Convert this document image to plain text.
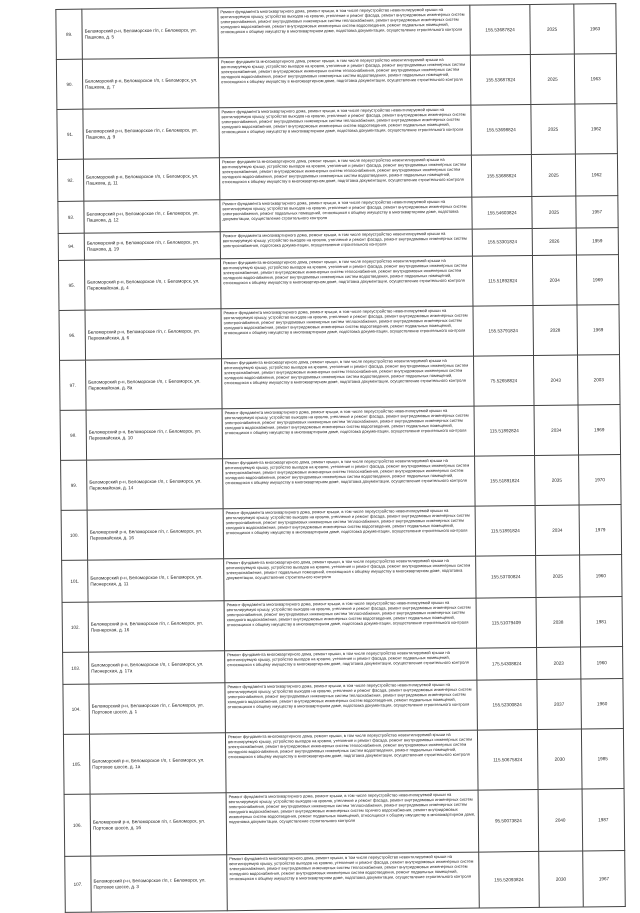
89.	Беломорский р-н, Беломорское г/п, г. Беломорск, ул. Пашкова, д. 5	Ремонт фундамента многоквартирного дома, ремонт крыши, в том числе переустройство невентилируемой крыши на вентилируемую крышу, устройство выходов на кровлю, утепление и ремонт фасада, ремонт внутридомовых инженерных систем электроснабжения, ремонт внутридомовых инженерных систем теплоснабжения, ремонт внутридомовых инженерных систем холодного водоснабжения, ремонт внутридомовых инженерных систем водоотведения, ремонт подвальных помещений, относящихся к общему имуществу в многоквартирном доме, подготовка документации, осуществление строительного контроля	155.53687824	2025	1963
90.	Беломорский р-н, Беломорское г/п, г. Беломорск, ул. Пашкова, д. 7	Ремонт фундамента многоквартирного дома, ремонт крыши, в том числе переустройство невентилируемой крыши на вентилируемую крышу, устройство выходов на кровлю, утепление и ремонт фасада, ремонт внутридомовых инженерных систем электроснабжения, ремонт внутридомовых инженерных систем теплоснабжения, ремонт внутридомовых инженерных систем холодного водоснабжения, ремонт внутридомовых инженерных систем водоотведения, ремонт подвальных помещений, относящихся к общему имуществу в многоквартирном доме, подготовка документации, осуществление строительного контроля	155.53687824	2025	1963
91.	Беломорский р-н, Беломорское г/п, г. Беломорск, ул. Пашкова, д. 9	Ремонт фундамента многоквартирного дома, ремонт крыши, в том числе переустройство невентилируемой крыши на вентилируемую крышу, устройство выходов на кровлю, утепление и ремонт фасада, ремонт внутридомовых инженерных систем электроснабжения, ремонт внутридомовых инженерных систем теплоснабжения, ремонт внутридомовых инженерных систем холодного водоснабжения, ремонт внутридомовых инженерных систем водоотведения, ремонт подвальных помещений, относящихся к общему имуществу в многоквартирном доме, подготовка документации, осуществление строительного контроля	155.53698824	2025	1962
92.	Беломорский р-н, Беломорское г/п, г. Беломорск, ул. Пашкова, д. 11	Ремонт фундамента многоквартирного дома, ремонт крыши, в том числе переустройство невентилируемой крыши на вентилируемую крышу, устройство выходов на кровлю, утепление и ремонт фасада, ремонт внутридомовых инженерных систем электроснабжения, ремонт внутридомовых инженерных систем теплоснабжения, ремонт внутридомовых инженерных систем холодного водоснабжения, ремонт внутридомовых инженерных систем водоотведения, ремонт подвальных помещений, относящихся к общему имуществу в многоквартирном доме, подготовка документации, осуществление строительного контроля	155.53688824	2025	1962
93.	Беломорский р-н, Беломорское г/п, г. Беломорск, ул. Пашкова, д. 12	Ремонт фундамента многоквартирного дома, ремонт крыши, в том числе переустройство невентилируемой крыши на вентилируемую крышу, устройство выходов на кровлю, утепление и ремонт фасада, ремонт внутридомовых инженерных систем электроснабжения, ремонт подвальных помещений, относящихся к общему имуществу в многоквартирном доме, подготовка документации, осуществление строительного контроля	155.54603824	2025	1957
94.	Беломорский р-н, Беломорское г/п, г. Беломорск, ул. Пашкова, д. 19	Ремонт фундамента многоквартирного дома, ремонт крыши, в том числе переустройство невентилируемой крыши на вентилируемую крышу, устройство выходов на кровлю, утепление и ремонт фасада, ремонт внутридомовых инженерных систем электроснабжения, подготовка документации, осуществление строительного контроля	155.53301824	2026	1959
95.	Беломорский р-н, Беломорское г/п, г. Беломорск, ул. Первомайская, д. 4	Ремонт фундамента многоквартирного дома, ремонт крыши, в том числе переустройство невентилируемой крыши на вентилируемую крышу, устройство выходов на кровлю, утепление и ремонт фасада, ремонт внутридомовых инженерных систем электроснабжения, ремонт внутридомовых инженерных систем теплоснабжения, ремонт внутридомовых инженерных систем холодного водоснабжения, ремонт внутридомовых инженерных систем водоотведения, ремонт подвальных помещений, относящихся к общему имуществу в многоквартирном доме, подготовка документации, осуществление строительного контроля	115.51892824	2034	1969
96.	Беломорский р-н, Беломорское г/п, г. Беломорск, ул. Первомайская, д. 6	Ремонт фундамента многоквартирного дома, ремонт крыши, в том числе переустройство невентилируемой крыши на вентилируемую крышу, устройство выходов на кровлю, утепление и ремонт фасада, ремонт внутридомовых инженерных систем электроснабжения, ремонт внутридомовых инженерных систем теплоснабжения, ремонт внутридомовых инженерных систем холодного водоснабжения, ремонт внутридомовых инженерных систем водоотведения, ремонт подвальных помещений, относящихся к общему имуществу в многоквартирном доме, подготовка документации, осуществление строительного контроля	155.53791824	2028	1969
97.	Беломорский р-н, Беломорское г/п, г. Беломорск, ул. Первомайская, д. 8а	Ремонт фундамента многоквартирного дома, ремонт крыши, в том числе переустройство невентилируемой крыши на вентилируемую крышу, устройство выходов на кровлю, утепление и ремонт фасада, ремонт внутридомовых инженерных систем электроснабжения, ремонт внутридомовых инженерных систем теплоснабжения, ремонт внутридомовых инженерных систем холодного водоснабжения, ремонт внутридомовых инженерных систем водоотведения, ремонт подвальных помещений, относящихся к общему имуществу в многоквартирном доме, подготовка документации, осуществление строительного контроля	75.52658824	2043	2003
98.	Беломорский р-н, Беломорское г/п, г. Беломорск, ул. Первомайская, д. 10	Ремонт фундамента многоквартирного дома, ремонт крыши, в том числе переустройство невентилируемой крыши на вентилируемую крышу, устройство выходов на кровлю, утепление и ремонт фасада, ремонт внутридомовых инженерных систем электроснабжения, ремонт внутридомовых инженерных систем теплоснабжения, ремонт внутридомовых инженерных систем холодного водоснабжения, ремонт внутридомовых инженерных систем водоотведения, ремонт подвальных помещений, относящихся к общему имуществу в многоквартирном доме, подготовка документации, осуществление строительного контроля	115.51892824	2034	1969
99.	Беломорский р-н, Беломорское г/п, г. Беломорск, ул. Первомайская, д. 14	Ремонт фундамента многоквартирного дома, ремонт крыши, в том числе переустройство невентилируемой крыши на вентилируемую крышу, устройство выходов на кровлю, утепление и ремонт фасада, ремонт внутридомовых инженерных систем электроснабжения, ремонт внутридомовых инженерных систем теплоснабжения, ремонт внутридомовых инженерных систем холодного водоснабжения, ремонт внутридомовых инженерных систем водоотведения, ремонт подвальных помещений, относящихся к общему имуществу в многоквартирном доме, подготовка документации, осуществление строительного контроля	155.51891824	2035	1970
100.	Беломорский р-н, Беломорское г/п, г. Беломорск, ул. Первомайская, д. 16	Ремонт фундамента многоквартирного дома, ремонт крыши, в том числе переустройство невентилируемой крыши на вентилируемую крышу, устройство выходов на кровлю, утепление и ремонт фасада, ремонт внутридомовых инженерных систем электроснабжения, ремонт внутридомовых инженерных систем теплоснабжения, ремонт внутридомовых инженерных систем холодного водоснабжения, ремонт внутридомовых инженерных систем водоотведения, ремонт подвальных помещений, относящихся к общему имуществу в многоквартирном доме, подготовка документации, осуществление строительного контроля	115.51891824	2034	1979
101.	Беломорский р-н, Беломорское г/п, г. Беломорск, ул. Пионерская, д. 11	Ремонт фундамента многоквартирного дома, ремонт крыши, в том числе переустройство невентилируемой крыши на вентилируемую крышу, устройство выходов на кровлю, утепление и ремонт фасада, ремонт внутридомовых инженерных систем электроснабжения, ремонт подвальных помещений, относящихся к общему имуществу в многоквартирном доме, подготовка документации, осуществление строительного контроля	155.53700824	2025	1960
102.	Беломорский р-н, Беломорское г/п, г. Беломорск, ул. Пионерская, д. 16	Ремонт фундамента многоквартирного дома, ремонт крыши, в том числе переустройство невентилируемой крыши на вентилируемую крышу, устройство выходов на кровлю, утепление и ремонт фасада, ремонт внутридомовых инженерных систем электроснабжения, ремонт внутридомовых инженерных систем теплоснабжения, ремонт внутридомовых инженерных систем холодного водоснабжения, ремонт внутридомовых инженерных систем водоотведения, ремонт подвальных помещений, относящихся к общему имуществу в многоквартирном доме, подготовка документации, осуществление строительного контроля	115.51079409	2038	1981
103.	Беломорский р-н, Беломорское г/п, г. Беломорск, ул. Пионерская, д. 17а	Ремонт фундамента многоквартирного дома, ремонт крыши, в том числе переустройство невентилируемой крыши на вентилируемую крышу, устройство выходов на кровлю, утепление и ремонт фасада, ремонт подвальных помещений, относящихся к общему имуществу в многоквартирном доме, подготовка документации, осуществление строительного контроля	175.54308824	2023	1960
104.	Беломорский р-н, Беломорское г/п, г. Беломорск, ул. Портовое шоссе, д. 1	Ремонт фундамента многоквартирного дома, ремонт крыши, в том числе переустройство невентилируемой крыши на вентилируемую крышу, устройство выходов на кровлю, утепление и ремонт фасада, ремонт внутридомовых инженерных систем электроснабжения, ремонт внутридомовых инженерных систем теплоснабжения, ремонт внутридомовых инженерных систем холодного водоснабжения, ремонт внутридомовых инженерных систем водоотведения, ремонт подвальных помещений, относящихся к общему имуществу в многоквартирном доме, подготовка документации, осуществление строительного контроля	155.52300824	2037	1960
105.	Беломорский р-н, Беломорское г/п, г. Беломорск, ул. Портовое шоссе, д. 1а	Ремонт фундамента многоквартирного дома, ремонт крыши, в том числе переустройство невентилируемой крыши на вентилируемую крышу, устройство выходов на кровлю, утепление и ремонт фасада, ремонт внутридомовых инженерных систем электроснабжения, ремонт внутридомовых инженерных систем теплоснабжения, ремонт внутридомовых инженерных систем холодного водоснабжения, ремонт внутридомовых инженерных систем водоотведения, ремонт подвальных помещений, относящихся к общему имуществу в многоквартирном доме, подготовка документации, осуществление строительного контроля	115.50675824	2030	1985
106.	Беломорский р-н, Беломорское г/п, г. Беломорск, ул. Портовое шоссе, д. 1б	Ремонт фундамента многоквартирного дома, ремонт крыши, в том числе переустройство невентилируемой крыши на вентилируемую крышу, устройство выходов на кровлю, утепление и ремонт фасада, ремонт внутридомовых инженерных систем электроснабжения, ремонт внутридомовых инженерных систем теплоснабжения, ремонт внутридомовых инженерных систем холодного водоснабжения, ремонт внутридомовых инженерных систем горячего водоснабжения, ремонт внутридомовых инженерных систем водоотведения, ремонт подвальных помещений, относящихся к общему имуществу в многоквартирном доме, подготовка документации, осуществление строительного контроля	95.50073824	2040	1987
107.	Беломорский р-н, Беломорское г/п, г. Беломорск, ул. Портовое шоссе, д. 3	Ремонт фундамента многоквартирного дома, ремонт крыши, в том числе переустройство невентилируемой крыши на вентилируемую крышу, устройство выходов на кровлю, утепление и ремонт фасада, ремонт внутридомовых инженерных систем электроснабжения, ремонт внутридомовых инженерных систем теплоснабжения, ремонт внутридомовых инженерных систем холодного водоснабжения, ремонт внутридомовых инженерных систем водоотведения, ремонт подвальных помещений, относящихся к общему имуществу в многоквартирном доме, подготовка документации, осуществление строительного контроля	155.52093824	2030	1967
